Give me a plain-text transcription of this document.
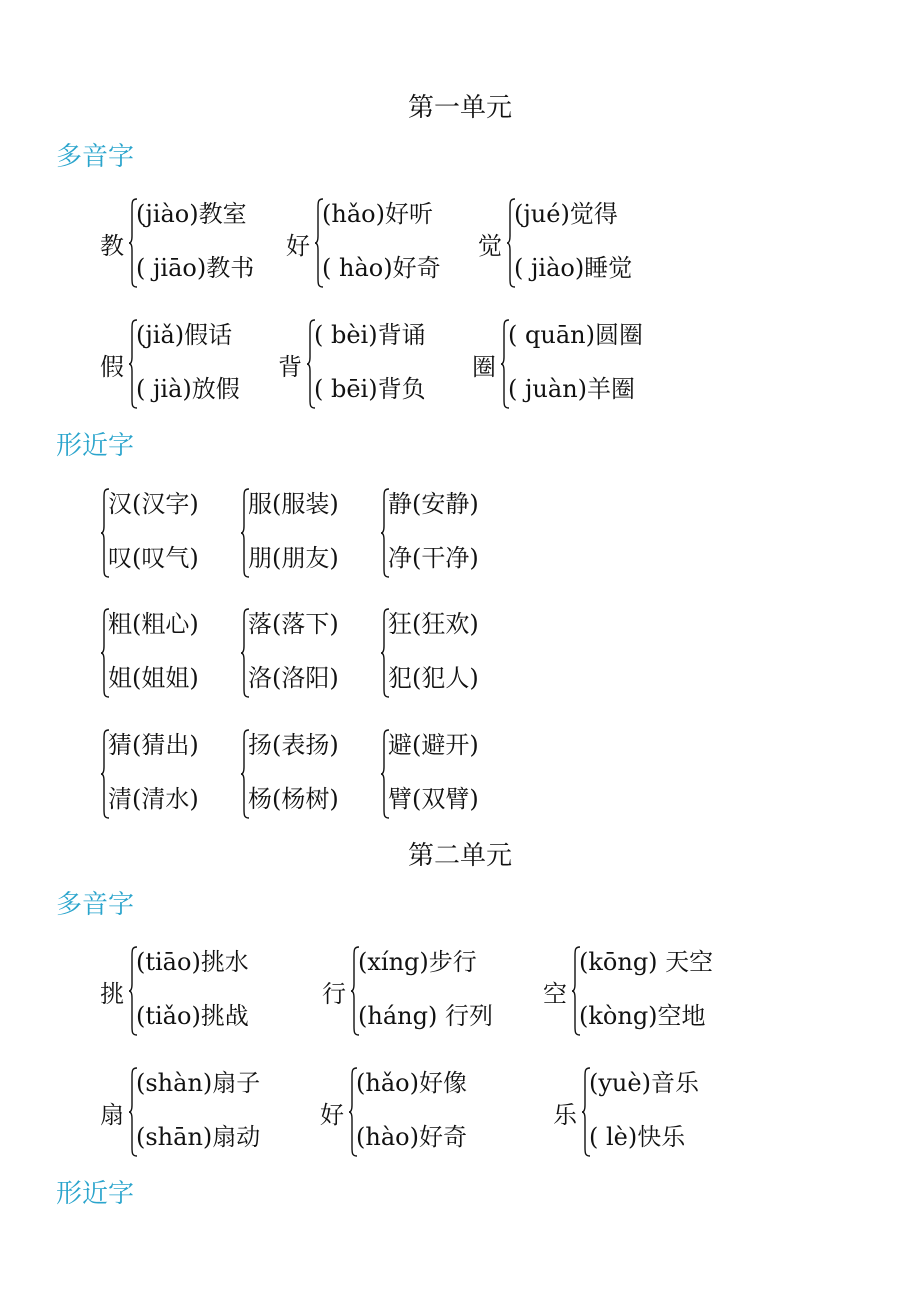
第一单元
多音字
教
(jiào)教室
( jiāo)教书
好
(hǎo)好听
( hào)好奇
觉
(jué)觉得
( jiào)睡觉
假
(jiǎ)假话
( jià)放假
背
( bèi)背诵
( bēi)背负
圈
( quān)圆圈
( juàn)羊圈
形近字
汉(汉字)
叹(叹气)
服(服装)
朋(朋友)
静(安静)
净(干净)
粗(粗心)
姐(姐姐)
落(落下)
洛(洛阳)
狂(狂欢)
犯(犯人)
猜(猜出)
清(清水)
扬(表扬)
杨(杨树)
避(避开)
臂(双臂)
第二单元
多音字
挑
(tiāo)挑水
(tiǎo)挑战
行
(xíng)步行
(háng) 行列
空
(kōng) 天空
(kòng)空地
扇
(shàn)扇子
(shān)扇动
好
(hǎo)好像
(hào)好奇
乐
(yuè)音乐
( lè)快乐
形近字
